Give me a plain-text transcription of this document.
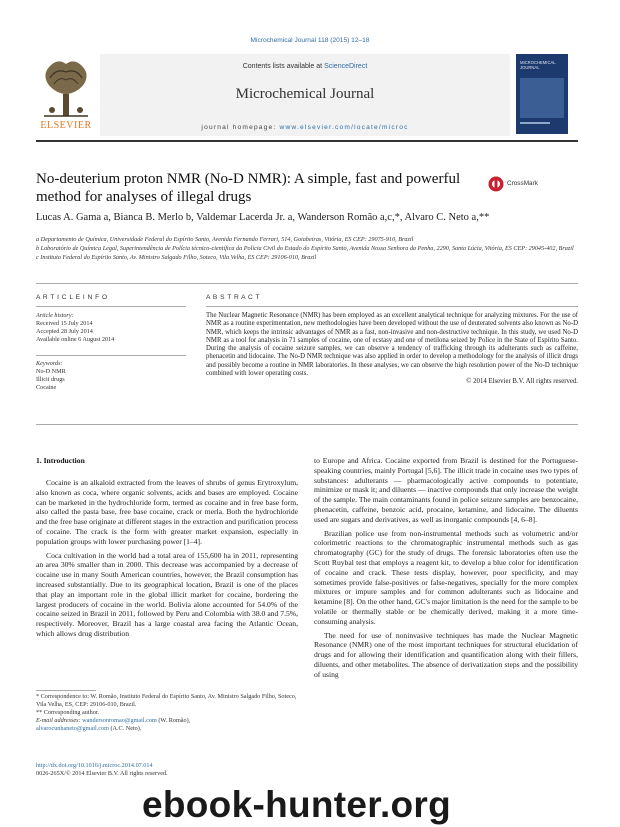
Microchemical Journal 118 (2015) 12–18
ELSEVIER
Contents lists available at ScienceDirect
Microchemical Journal
journal homepage: www.elsevier.com/locate/microc
MICROCHEMICAL JOURNAL
No-deuterium proton NMR (No-D NMR): A simple, fast and powerful method for analyses of illegal drugs
CrossMark
Lucas A. Gama a, Bianca B. Merlo b, Valdemar Lacerda Jr. a, Wanderson Romão a,c,*, Alvaro C. Neto a,**
a Departamento de Química, Universidade Federal do Espírito Santo, Avenida Fernando Ferrari, 514, Goiabeiras, Vitória, ES CEP: 29075-910, Brazil
b Laboratório de Química Legal, Superintendência de Polícia técnico-científica da Polícia Civil do Estado do Espírito Santo, Avenida Nossa Senhora da Penha, 2290, Santa Lúcia, Vitória, ES CEP: 29045-402, Brazil
c Instituto Federal do Espírito Santo, Av. Ministro Salgado Filho, Soteco, Vila Velha, ES CEP: 29106-010, Brazil
A R T I C L E I N F O
Article history:
Received 15 July 2014
Accepted 28 July 2014
Available online 6 August 2014
Keywords:
No-D NMR
Illicit drugs
Cocaine
A B S T R A C T
The Nuclear Magnetic Resonance (NMR) has been employed as an excellent analytical technique for analyzing mixtures. For the use of NMR as a routine experimentation, new methodologies have been developed without the use of deuterated solvents also known as No-D NMR, which keeps the intrinsic advantages of NMR as a fast, non-invasive and non-destructive technique. In this study, we used No-D NMR as a tool for analysis in 71 samples of cocaine, one of ecstasy and one of metilona seized by Police in the State of Espírito Santo. During the analysis of cocaine seizure samples, we can observe a tendency of trafficking through its adulterants such as caffeine, phenacetin and lidocaine. The No-D NMR technique was also applied in order to develop a methodology for the analysis of illicit drugs and possibly become a routine in NMR laboratories. In these analyses, we can observe the high resolution power of the No-D technique combined with lower operating costs.
© 2014 Elsevier B.V. All rights reserved.
1. Introduction

Cocaine is an alkaloid extracted from the leaves of shrubs of genus Erytroxylum, also known as coca, where organic solvents, acids and bases are employed. Cocaine can be marketed in the hydrochloride form, termed as cocaine and in free base form, also called the pasta base, free base cocaine, crack or merla. Both the hydrochloride and the free base originate at different stages in the extraction and purification process of cocaine. The crack is the form with greater market expansion, especially in population groups with lower purchasing power [1–4].

Coca cultivation in the world had a total area of 155,600 ha in 2011, representing an area 30% smaller than in 2000. This decrease was accompanied by a decrease of cocaine use in many South American countries, however, the Brazil consumption has increased substantially. Due to its geographical location, Brazil is one of the places that play an important role in the global illicit market for cocaine, bordering the largest producers of cocaine in the world. Bolivia alone accounted for 54.0% of the cocaine seized in Brazil in 2011, followed by Peru and Colombia with 38.0 and 7.5%, respectively. Moreover, Brazil has a large coastal area facing the Atlantic Ocean, which allows drug distribution

to Europe and Africa. Cocaine exported from Brazil is destined for the Portuguese-speaking countries, mainly Portugal [5,6]. The illicit trade in cocaine uses two types of substances: adulterants — pharmacologically active compounds to potentiate, minimize or mask it; and diluents — inactive compounds that only increase the weight of the sample. The main contaminants found in police seizure samples are benzocaine, phenacetin, caffeine, benzoic acid, procaine, ketamine, and lidocaine. The diluents used are sugars and derivatives, as well as inorganic compounds [4, 6–8].

Brazilian police use from non-instrumental methods such as volumetric and/or colorimetric reactions to the chromatographic instrumental methods such as gas chromatography (GC) for the study of drugs. The forensic laboratories often use the Scott Ruybal test that employs a reagent kit, to develop a blue color for identification of cocaine and crack. These tests display, however, poor specificity, and may sometimes provide false-positives or false-negatives, specially for the more complex mixtures or impure samples and for common adulterants such as lidocaine and ketamine [8]. On the other hand, GC's major limitation is the need for the sample to be volatile or thermally stable or be chemically derived, making it a more time-consuming analysis.

The need for use of noninvasive techniques has made the Nuclear Magnetic Resonance (NMR) one of the most important techniques for structural elucidation of drugs and for allowing their identification and quantification along with their fillers, diluents, and other metabolites. The absence of derivatization steps and the possibility of using

* Correspondence to: W. Romão, Instituto Federal do Espírito Santo, Av. Ministro Salgado Filho, Soteco, Vila Velha, ES, CEP: 29106-010, Brazil.
** Corresponding author.
E-mail addresses: wandersonromao@gmail.com (W. Romão),
alvarocunhaneto@gmail.com (A.C. Neto).
http://dx.doi.org/10.1016/j.microc.2014.07.014
0026-265X/© 2014 Elsevier B.V. All rights reserved.
ebook-hunter.org
